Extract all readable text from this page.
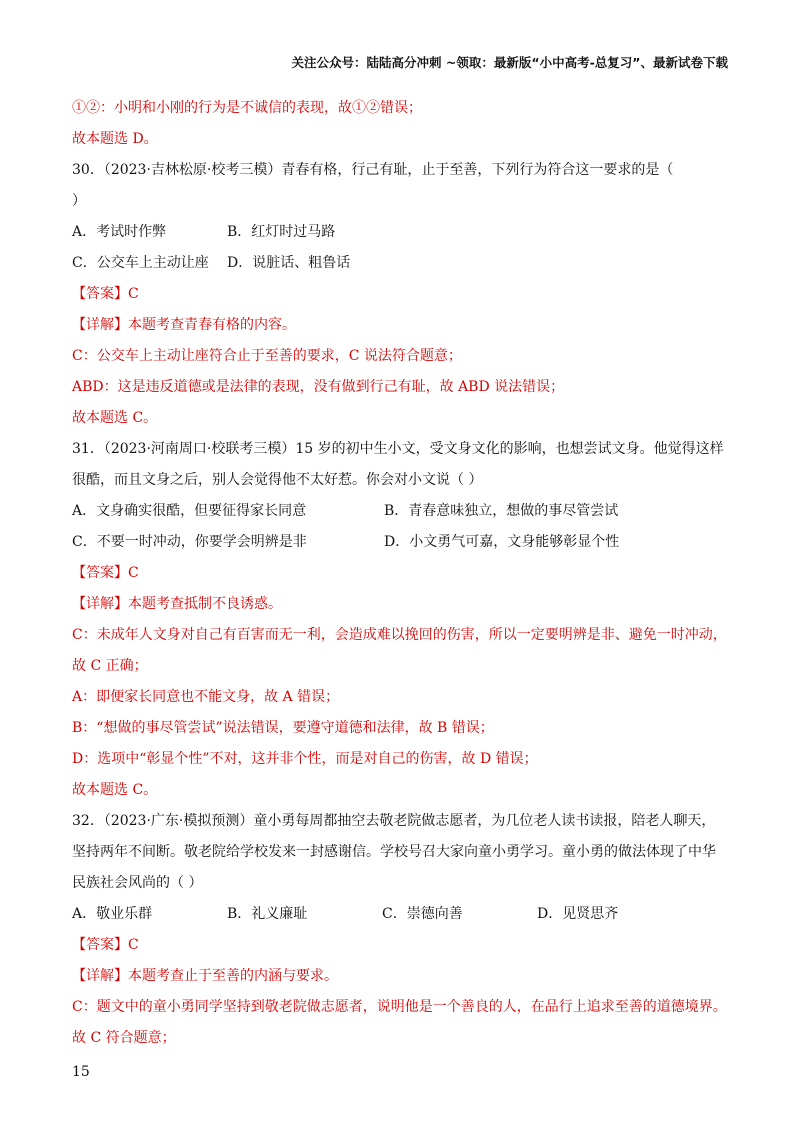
关注公众号：陆陆高分冲刺 ~领取：最新版“小中高考-总复习”、最新试卷下载
①②：小明和小刚的行为是不诚信的表现，故①②错误；
故本题选 D。
30．（2023·吉林松原·校考三模）青春有格，行己有耻，止于至善，下列行为符合这一要求的是（
）
A．考试时作弊	B．红灯时过马路
C．公交车上主动让座	D．说脏话、粗鲁话
【答案】C
【详解】本题考查青春有格的内容。
C：公交车上主动让座符合止于至善的要求，C 说法符合题意；
ABD：这是违反道德或是法律的表现，没有做到行己有耻，故 ABD 说法错误；
故本题选 C。
31．（2023·河南周口·校联考三模）15 岁的初中生小文，受文身文化的影响，也想尝试文身。他觉得这样
很酷，而且文身之后，别人会觉得他不太好惹。你会对小文说（ ）
A．文身确实很酷，但要征得家长同意	B．青春意味独立，想做的事尽管尝试
C．不要一时冲动，你要学会明辨是非	D．小文勇气可嘉，文身能够彰显个性
【答案】C
【详解】本题考查抵制不良诱惑。
C：未成年人文身对自己有百害而无一利，会造成难以挽回的伤害，所以一定要明辨是非、避免一时冲动，
故 C 正确；
A：即便家长同意也不能文身，故 A 错误；
B：“想做的事尽管尝试”说法错误，要遵守道德和法律，故 B 错误；
D：选项中“彰显个性”不对，这并非个性，而是对自己的伤害，故 D 错误；
故本题选 C。
32．（2023·广东·模拟预测）童小勇每周都抽空去敬老院做志愿者，为几位老人读书读报，陪老人聊天，
坚持两年不间断。敬老院给学校发来一封感谢信。学校号召大家向童小勇学习。童小勇的做法体现了中华
民族社会风尚的（ ）
A．敬业乐群	B．礼义廉耻	C．崇德向善	D．见贤思齐
【答案】C
【详解】本题考查止于至善的内涵与要求。
C：题文中的童小勇同学坚持到敬老院做志愿者，说明他是一个善良的人，在品行上追求至善的道德境界。
故 C 符合题意；
15
